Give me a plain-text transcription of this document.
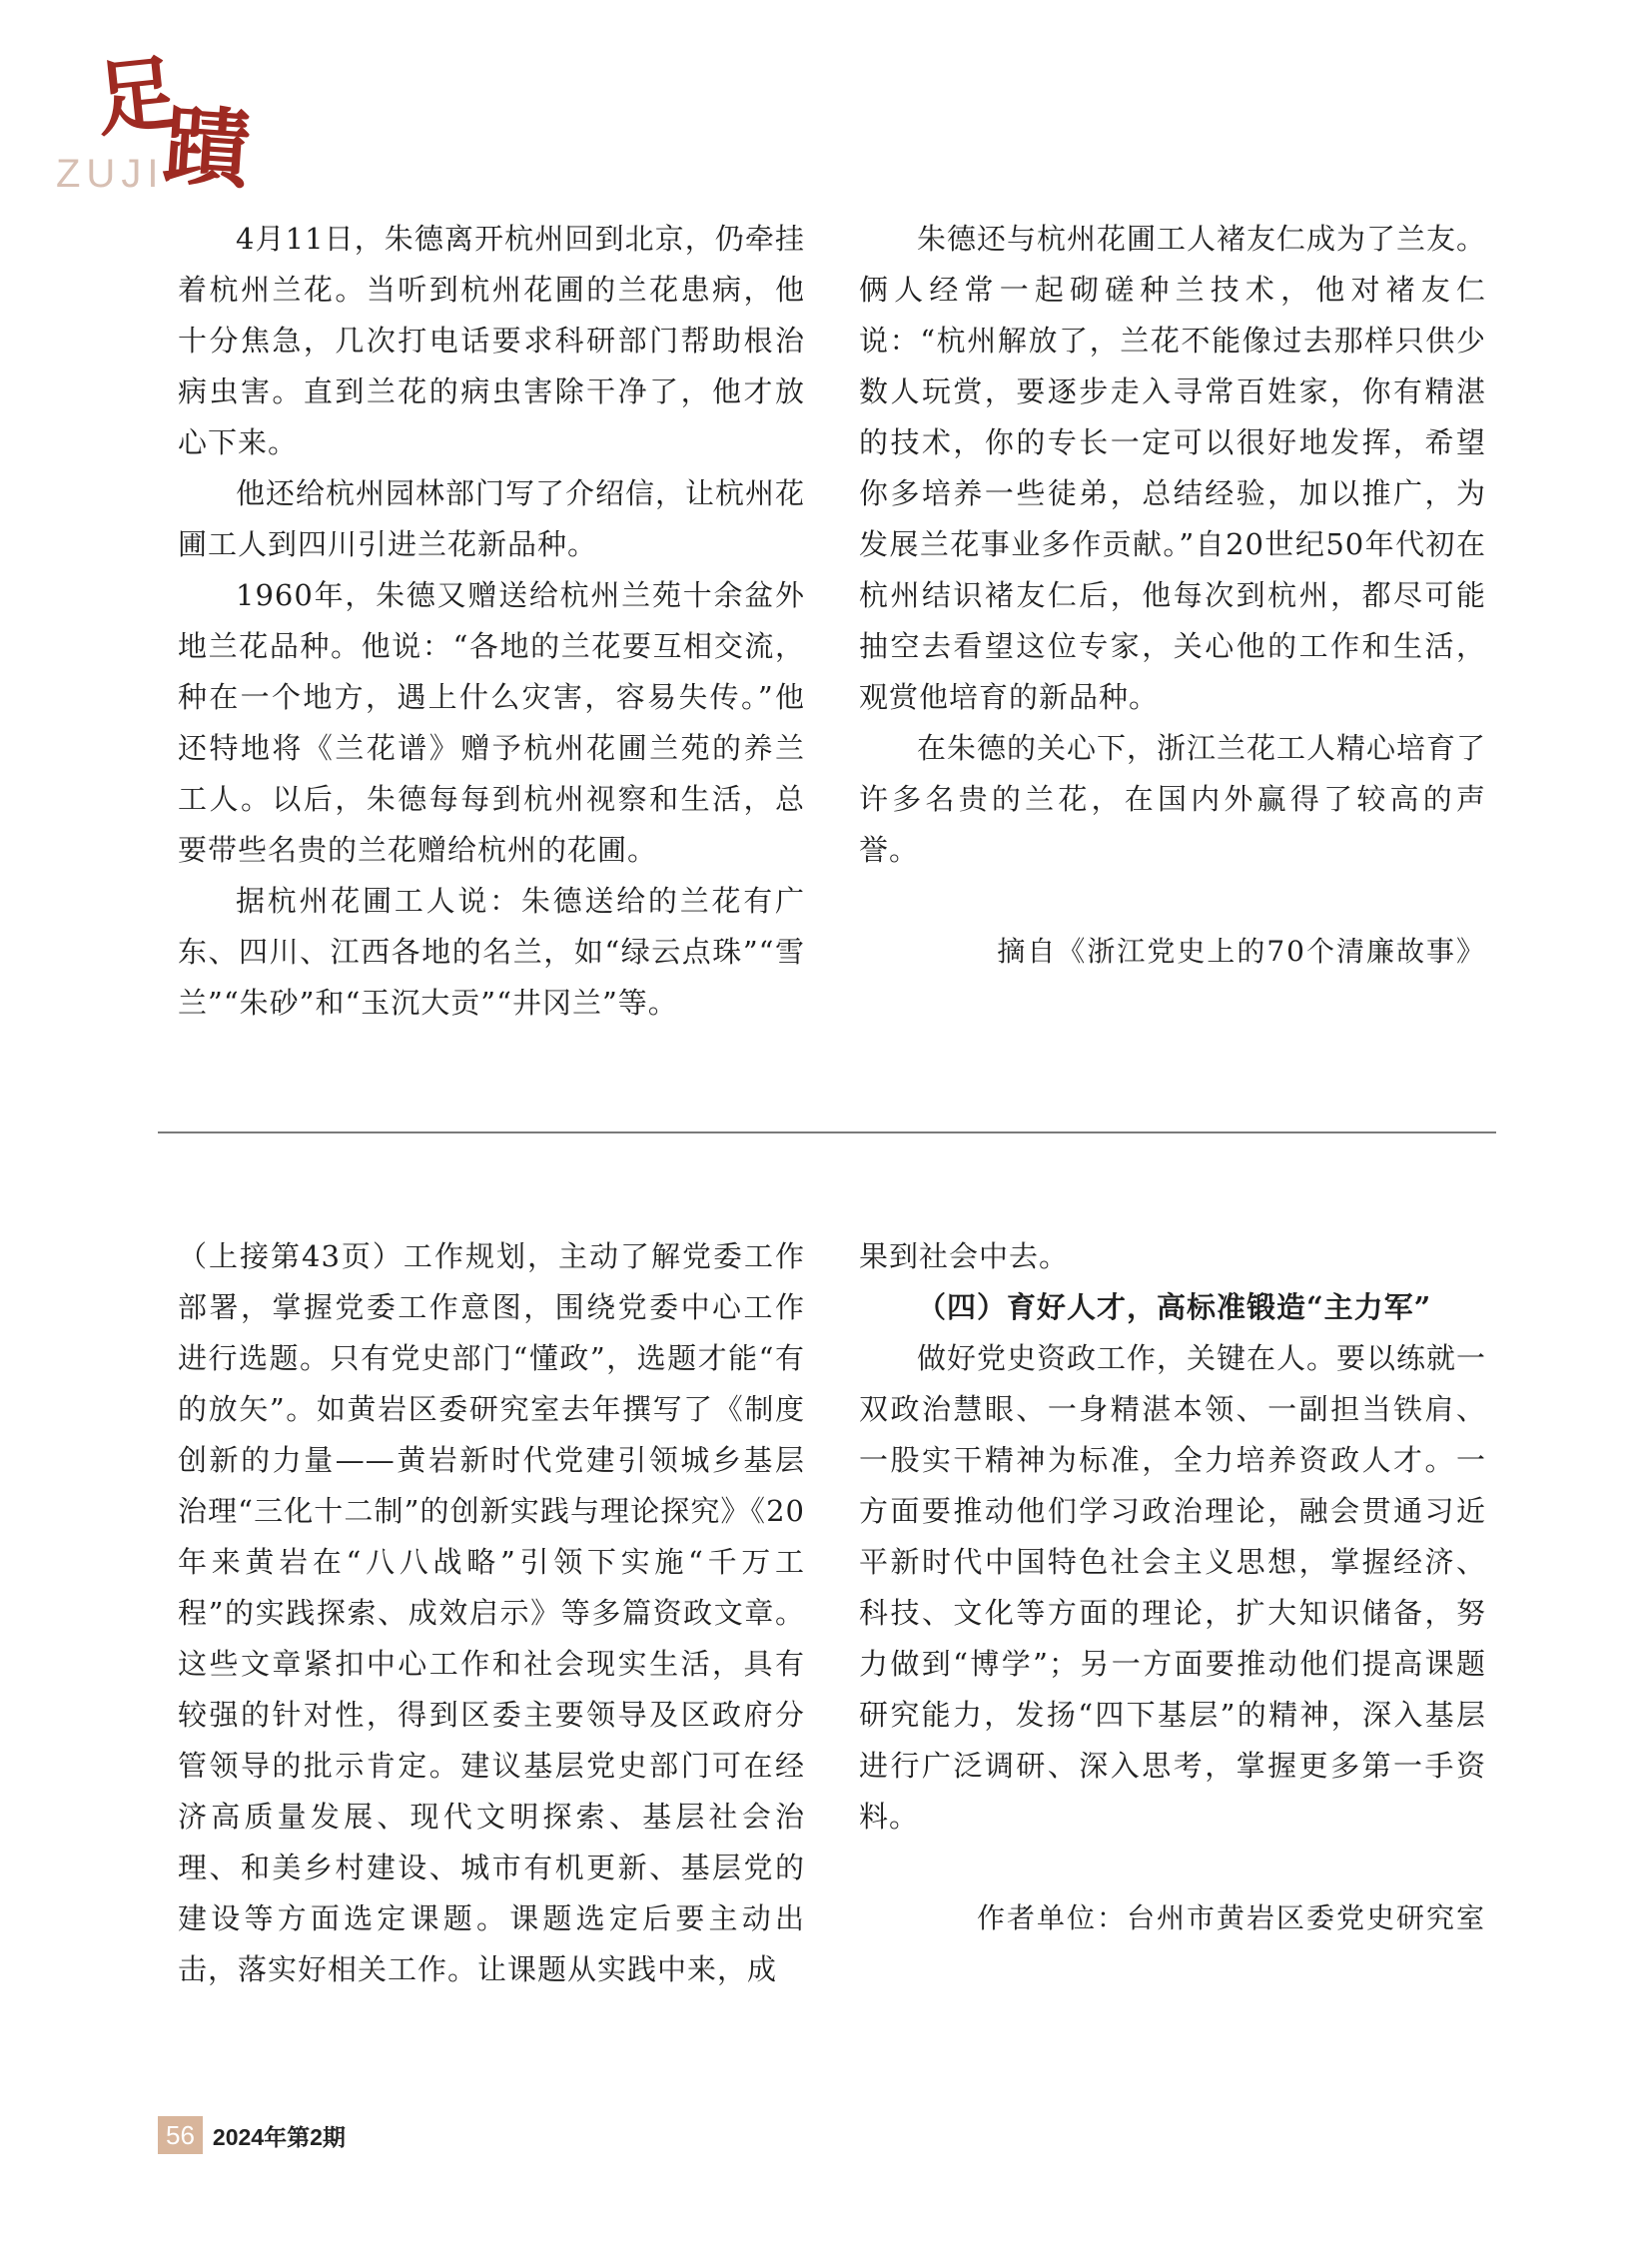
足
蹟
ZUJI

4月11日，朱德离开杭州回到北京，仍牵挂着杭州兰花。当听到杭州花圃的兰花患病，他十分焦急，几次打电话要求科研部门帮助根治病虫害。直到兰花的病虫害除干净了，他才放心下来。

他还给杭州园林部门写了介绍信，让杭州花圃工人到四川引进兰花新品种。

1960年，朱德又赠送给杭州兰苑十余盆外地兰花品种。他说：“各地的兰花要互相交流，种在一个地方，遇上什么灾害，容易失传。”他还特地将《兰花谱》赠予杭州花圃兰苑的养兰工人。以后，朱德每每到杭州视察和生活，总要带些名贵的兰花赠给杭州的花圃。

据杭州花圃工人说：朱德送给的兰花有广东、四川、江西各地的名兰，如“绿云点珠”“雪兰”“朱砂”和“玉沉大贡”“井冈兰”等。

朱德还与杭州花圃工人褚友仁成为了兰友。俩人经常一起砌磋种兰技术，他对褚友仁说：“杭州解放了，兰花不能像过去那样只供少数人玩赏，要逐步走入寻常百姓家，你有精湛的技术，你的专长一定可以很好地发挥，希望你多培养一些徒弟，总结经验，加以推广，为发展兰花事业多作贡献。”自20世纪50年代初在杭州结识褚友仁后，他每次到杭州，都尽可能抽空去看望这位专家，关心他的工作和生活，观赏他培育的新品种。

在朱德的关心下，浙江兰花工人精心培育了许多名贵的兰花，在国内外赢得了较高的声誉。

摘自《浙江党史上的70个清廉故事》

（上接第43页）工作规划，主动了解党委工作部署，掌握党委工作意图，围绕党委中心工作进行选题。只有党史部门“懂政”，选题才能“有的放矢”。如黄岩区委研究室去年撰写了《制度创新的力量——黄岩新时代党建引领城乡基层治理“三化十二制”的创新实践与理论探究》《20年来黄岩在“八八战略”引领下实施“千万工程”的实践探索、成效启示》等多篇资政文章。这些文章紧扣中心工作和社会现实生活，具有较强的针对性，得到区委主要领导及区政府分管领导的批示肯定。建议基层党史部门可在经济高质量发展、现代文明探索、基层社会治理、和美乡村建设、城市有机更新、基层党的建设等方面选定课题。课题选定后要主动出击，落实好相关工作。让课题从实践中来，成

果到社会中去。

（四）育好人才，高标准锻造“主力军”

做好党史资政工作，关键在人。要以练就一双政治慧眼、一身精湛本领、一副担当铁肩、一股实干精神为标准，全力培养资政人才。一方面要推动他们学习政治理论，融会贯通习近平新时代中国特色社会主义思想，掌握经济、科技、文化等方面的理论，扩大知识储备，努力做到“博学”；另一方面要推动他们提高课题研究能力，发扬“四下基层”的精神，深入基层进行广泛调研、深入思考，掌握更多第一手资料。

作者单位：台州市黄岩区委党史研究室

56 2024年第2期
